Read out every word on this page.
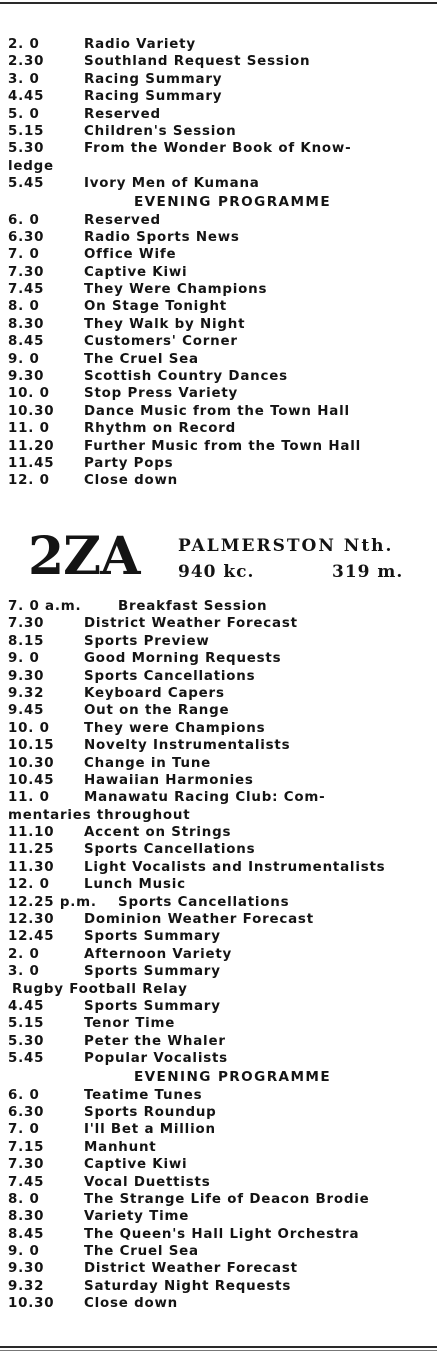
2. 0	Radio Variety
2.30	Southland Request Session
3. 0	Racing Summary
4.45	Racing Summary
5. 0	Reserved
5.15	Children's Session
5.30	From the Wonder Book of Know-
ledge
5.45	Ivory Men of Kumana
EVENING PROGRAMME
6. 0	Reserved
6.30	Radio Sports News
7. 0	Office Wife
7.30	Captive Kiwi
7.45	They Were Champions
8. 0	On Stage Tonight
8.30	They Walk by Night
8.45	Customers' Corner
9. 0	The Cruel Sea
9.30	Scottish Country Dances
10. 0	Stop Press Variety
10.30 Dance Music from the Town Hall
11. 0	Rhythm on Record
11.20 Further Music from the Town Hall
11.45 Party Pops
12. 0	Close down
2ZA PALMERSTON Nth.
940 kc.	319 m.
7. 0 a.m.	Breakfast Session
7.30	District Weather Forecast
8.15	Sports Preview
9. 0	Good Morning Requests
9.30	Sports Cancellations
9.32	Keyboard Capers
9.45	Out on the Range
10. 0	They were Champions
10.15 Novelty Instrumentalists
10.30 Change in Tune
10.45 Hawaiian Harmonies
11. 0	Manawatu Racing Club: Com-
mentaries throughout
11.10 Accent on Strings
11.25 Sports Cancellations
11.30 Light Vocalists and Instrumentalists
12. 0	Lunch Music
12.25 p.m. Sports Cancellations
12.30 Dominion Weather Forecast
12.45 Sports Summary
2. 0	Afternoon Variety
3. 0	Sports Summary
Rugby Football Relay
4.45	Sports Summary
5.15	Tenor Time
5.30	Peter the Whaler
5.45	Popular Vocalists
EVENING PROGRAMME
6. 0	Teatime Tunes
6.30	Sports Roundup
7. 0	I'll Bet a Million
7.15	Manhunt
7.30	Captive Kiwi
7.45	Vocal Duettists
8. 0	The Strange Life of Deacon Brodie
8.30	Variety Time
8.45	The Queen's Hall Light Orchestra
9. 0	The Cruel Sea
9.30	District Weather Forecast
9.32	Saturday Night Requests
10.30 Close down
